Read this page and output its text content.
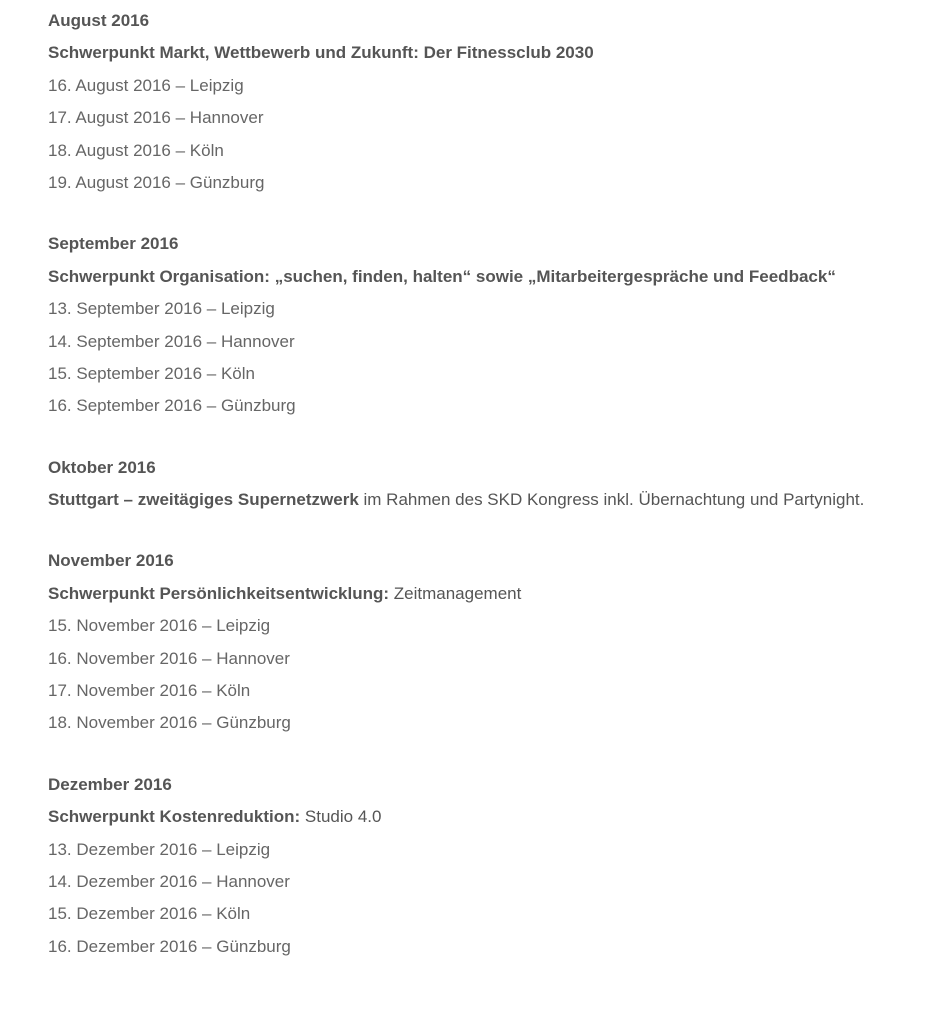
August 2016
Schwerpunkt Markt, Wettbewerb und Zukunft: Der Fitnessclub 2030
16. August 2016 – Leipzig
17. August 2016 – Hannover
18. August 2016 – Köln
19. August 2016 – Günzburg
September 2016
Schwerpunkt Organisation: „suchen, finden, halten“ sowie „Mitarbeitergespräche und Feedback“
13. September 2016 – Leipzig
14. September 2016 – Hannover
15. September 2016 – Köln
16. September 2016 – Günzburg
Oktober 2016
Stuttgart – zweitägiges Supernetzwerk im Rahmen des SKD Kongress inkl. Übernachtung und Partynight.
November 2016
Schwerpunkt Persönlichkeitsentwicklung: Zeitmanagement
15. November 2016 – Leipzig
16. November 2016 – Hannover
17. November 2016 – Köln
18. November 2016 – Günzburg
Dezember 2016
Schwerpunkt Kostenreduktion: Studio 4.0
13. Dezember 2016 – Leipzig
14. Dezember 2016 – Hannover
15. Dezember 2016 – Köln
16. Dezember 2016 – Günzburg
